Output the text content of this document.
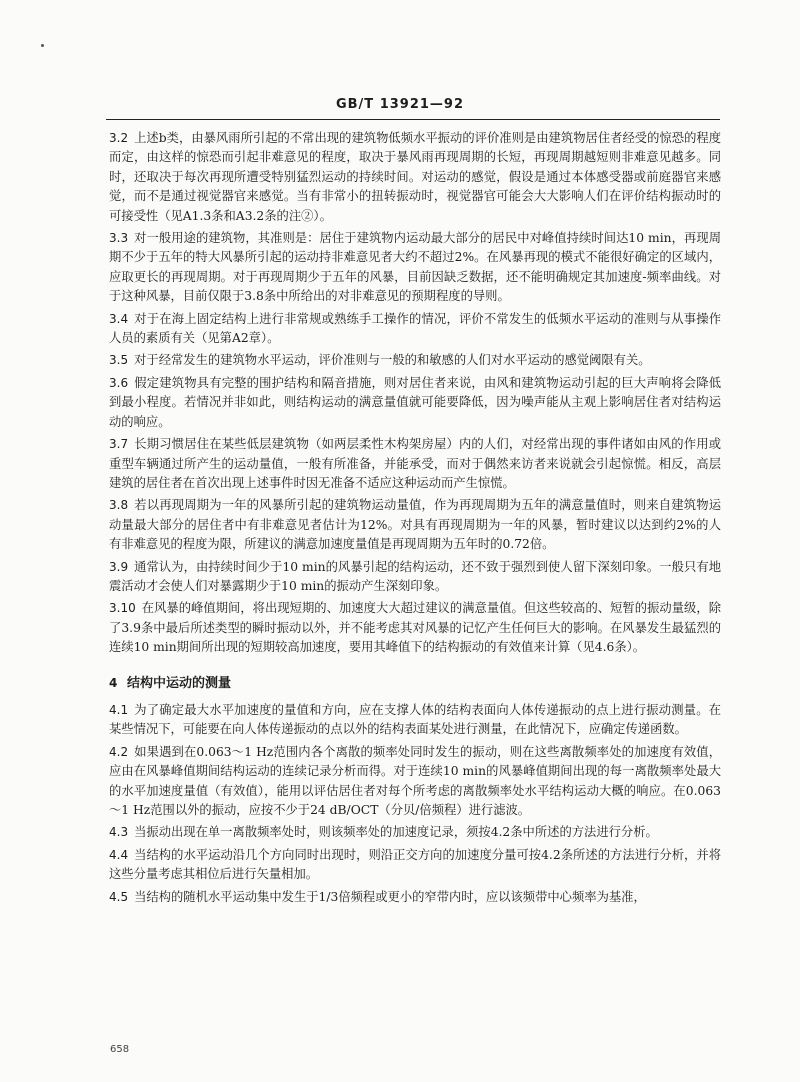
GB/T 13921—92

3.2 上述b类，由暴风雨所引起的不常出现的建筑物低频水平振动的评价准则是由建筑物居住者经受的惊恐的程度而定，由这样的惊恐而引起非难意见的程度，取决于暴风雨再现周期的长短，再现周期越短则非难意见越多。同时，还取决于每次再现所遭受特别猛烈运动的持续时间。对运动的感觉，假设是通过本体感受器或前庭器官来感觉，而不是通过视觉器官来感觉。当有非常小的扭转振动时，视觉器官可能会大大影响人们在评价结构振动时的可接受性（见A1.3条和A3.2条的注②）。

3.3 对一般用途的建筑物，其准则是：居住于建筑物内运动最大部分的居民中对峰值持续时间达10 min，再现周期不少于五年的特大风暴所引起的运动持非难意见者大约不超过2%。在风暴再现的模式不能很好确定的区域内，应取更长的再现周期。对于再现周期少于五年的风暴，目前因缺乏数据，还不能明确规定其加速度-频率曲线。对于这种风暴，目前仅限于3.8条中所给出的对非难意见的预期程度的导则。

3.4 对于在海上固定结构上进行非常规或熟练手工操作的情况，评价不常发生的低频水平运动的准则与从事操作人员的素质有关（见第A2章）。

3.5 对于经常发生的建筑物水平运动，评价准则与一般的和敏感的人们对水平运动的感觉阈限有关。

3.6 假定建筑物具有完整的围护结构和隔音措施，则对居住者来说，由风和建筑物运动引起的巨大声响将会降低到最小程度。若情况并非如此，则结构运动的满意量值就可能要降低，因为噪声能从主观上影响居住者对结构运动的响应。

3.7 长期习惯居住在某些低层建筑物（如两层柔性木构架房屋）内的人们，对经常出现的事件诸如由风的作用或重型车辆通过所产生的运动量值，一般有所准备，并能承受，而对于偶然来访者来说就会引起惊慌。相反，高层建筑的居住者在首次出现上述事件时因无准备不适应这种运动而产生惊慌。

3.8 若以再现周期为一年的风暴所引起的建筑物运动量值，作为再现周期为五年的满意量值时，则来自建筑物运动量最大部分的居住者中有非难意见者估计为12%。对具有再现周期为一年的风暴，暂时建议以达到约2%的人有非难意见的程度为限，所建议的满意加速度量值是再现周期为五年时的0.72倍。

3.9 通常认为，由持续时间少于10 min的风暴引起的结构运动，还不致于强烈到使人留下深刻印象。一般只有地震活动才会使人们对暴露期少于10 min的振动产生深刻印象。

3.10 在风暴的峰值期间，将出现短期的、加速度大大超过建议的满意量值。但这些较高的、短暂的振动量级，除了3.9条中最后所述类型的瞬时振动以外，并不能考虑其对风暴的记忆产生任何巨大的影响。在风暴发生最猛烈的连续10 min期间所出现的短期较高加速度，要用其峰值下的结构振动的有效值来计算（见4.6条）。

4 结构中运动的测量

4.1 为了确定最大水平加速度的量值和方向，应在支撑人体的结构表面向人体传递振动的点上进行振动测量。在某些情况下，可能要在向人体传递振动的点以外的结构表面某处进行测量，在此情况下，应确定传递函数。

4.2 如果遇到在0.063～1 Hz范围内各个离散的频率处同时发生的振动，则在这些离散频率处的加速度有效值，应由在风暴峰值期间结构运动的连续记录分析而得。对于连续10 min的风暴峰值期间出现的每一离散频率处最大的水平加速度量值（有效值），能用以评估居住者对每个所考虑的离散频率处水平结构运动大概的响应。在0.063～1 Hz范围以外的振动，应按不少于24 dB/OCT（分贝/倍频程）进行滤波。

4.3 当振动出现在单一离散频率处时，则该频率处的加速度记录，须按4.2条中所述的方法进行分析。

4.4 当结构的水平运动沿几个方向同时出现时，则沿正交方向的加速度分量可按4.2条所述的方法进行分析，并将这些分量考虑其相位后进行矢量相加。

4.5 当结构的随机水平运动集中发生于1/3倍频程或更小的窄带内时，应以该频带中心频率为基准，

658
